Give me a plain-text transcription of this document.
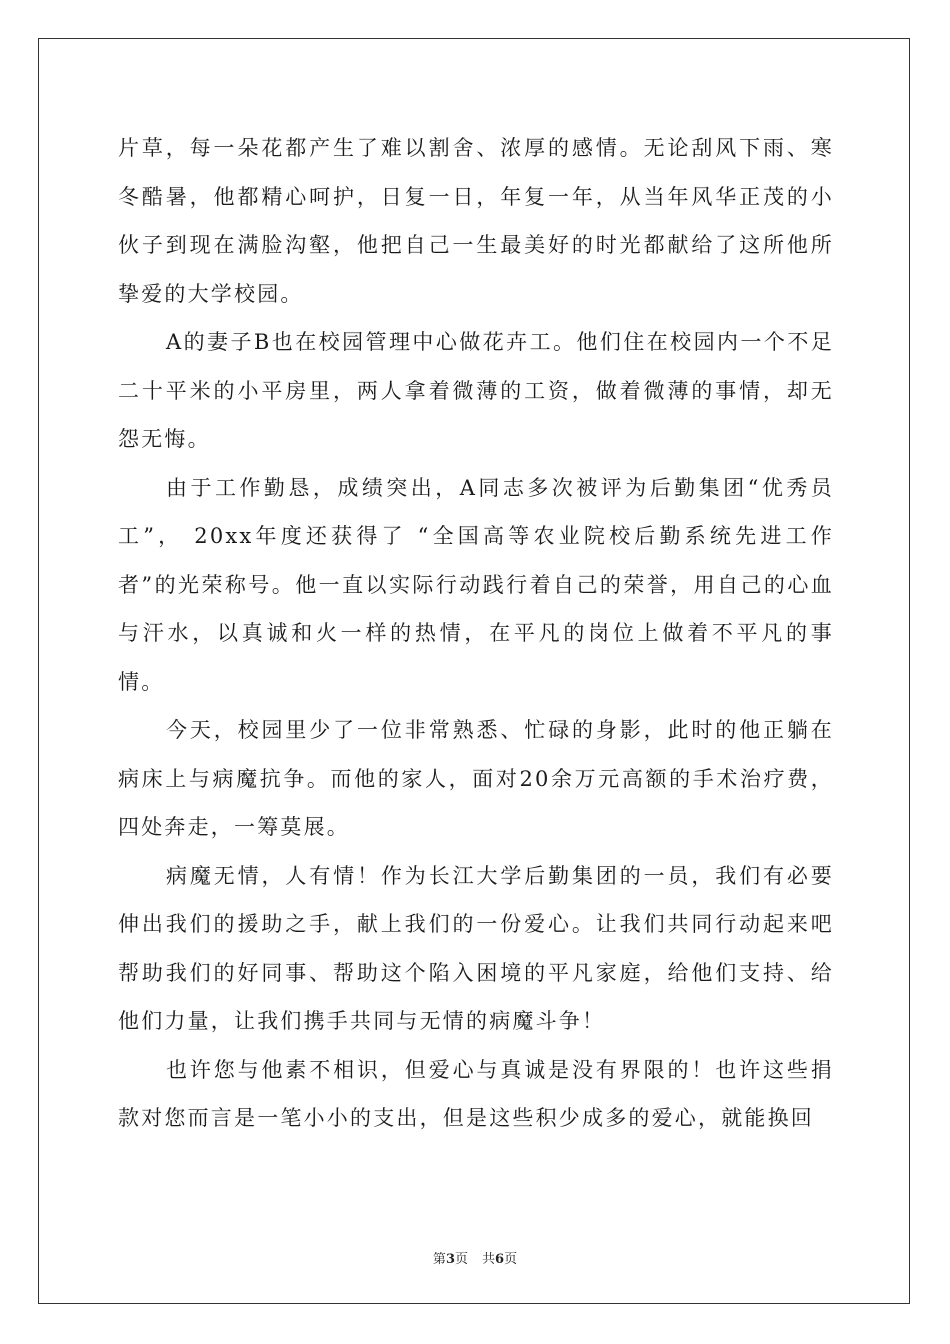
片草，每一朵花都产生了难以割舍、浓厚的感情。无论刮风下雨、寒冬酷暑，他都精心呵护，日复一日，年复一年，从当年风华正茂的小伙子到现在满脸沟壑，他把自己一生最美好的时光都献给了这所他所挚爱的大学校园。

A的妻子B也在校园管理中心做花卉工。他们住在校园内一个不足二十平米的小平房里，两人拿着微薄的工资，做着微薄的事情，却无怨无悔。

由于工作勤恳，成绩突出，A同志多次被评为后勤集团“优秀员工”， 20xx年度还获得了 “全国高等农业院校后勤系统先进工作者”的光荣称号。他一直以实际行动践行着自己的荣誉，用自己的心血与汗水，以真诚和火一样的热情，在平凡的岗位上做着不平凡的事情。

今天，校园里少了一位非常熟悉、忙碌的身影，此时的他正躺在病床上与病魔抗争。而他的家人，面对20余万元高额的手术治疗费，四处奔走，一筹莫展。

病魔无情，人有情！作为长江大学后勤集团的一员，我们有必要伸出我们的援助之手，献上我们的一份爱心。让我们共同行动起来吧帮助我们的好同事、帮助这个陷入困境的平凡家庭，给他们支持、给他们力量，让我们携手共同与无情的病魔斗争！

也许您与他素不相识，但爱心与真诚是没有界限的！也许这些捐款对您而言是一笔小小的支出，但是这些积少成多的爱心，就能换回

第3页 共6页
